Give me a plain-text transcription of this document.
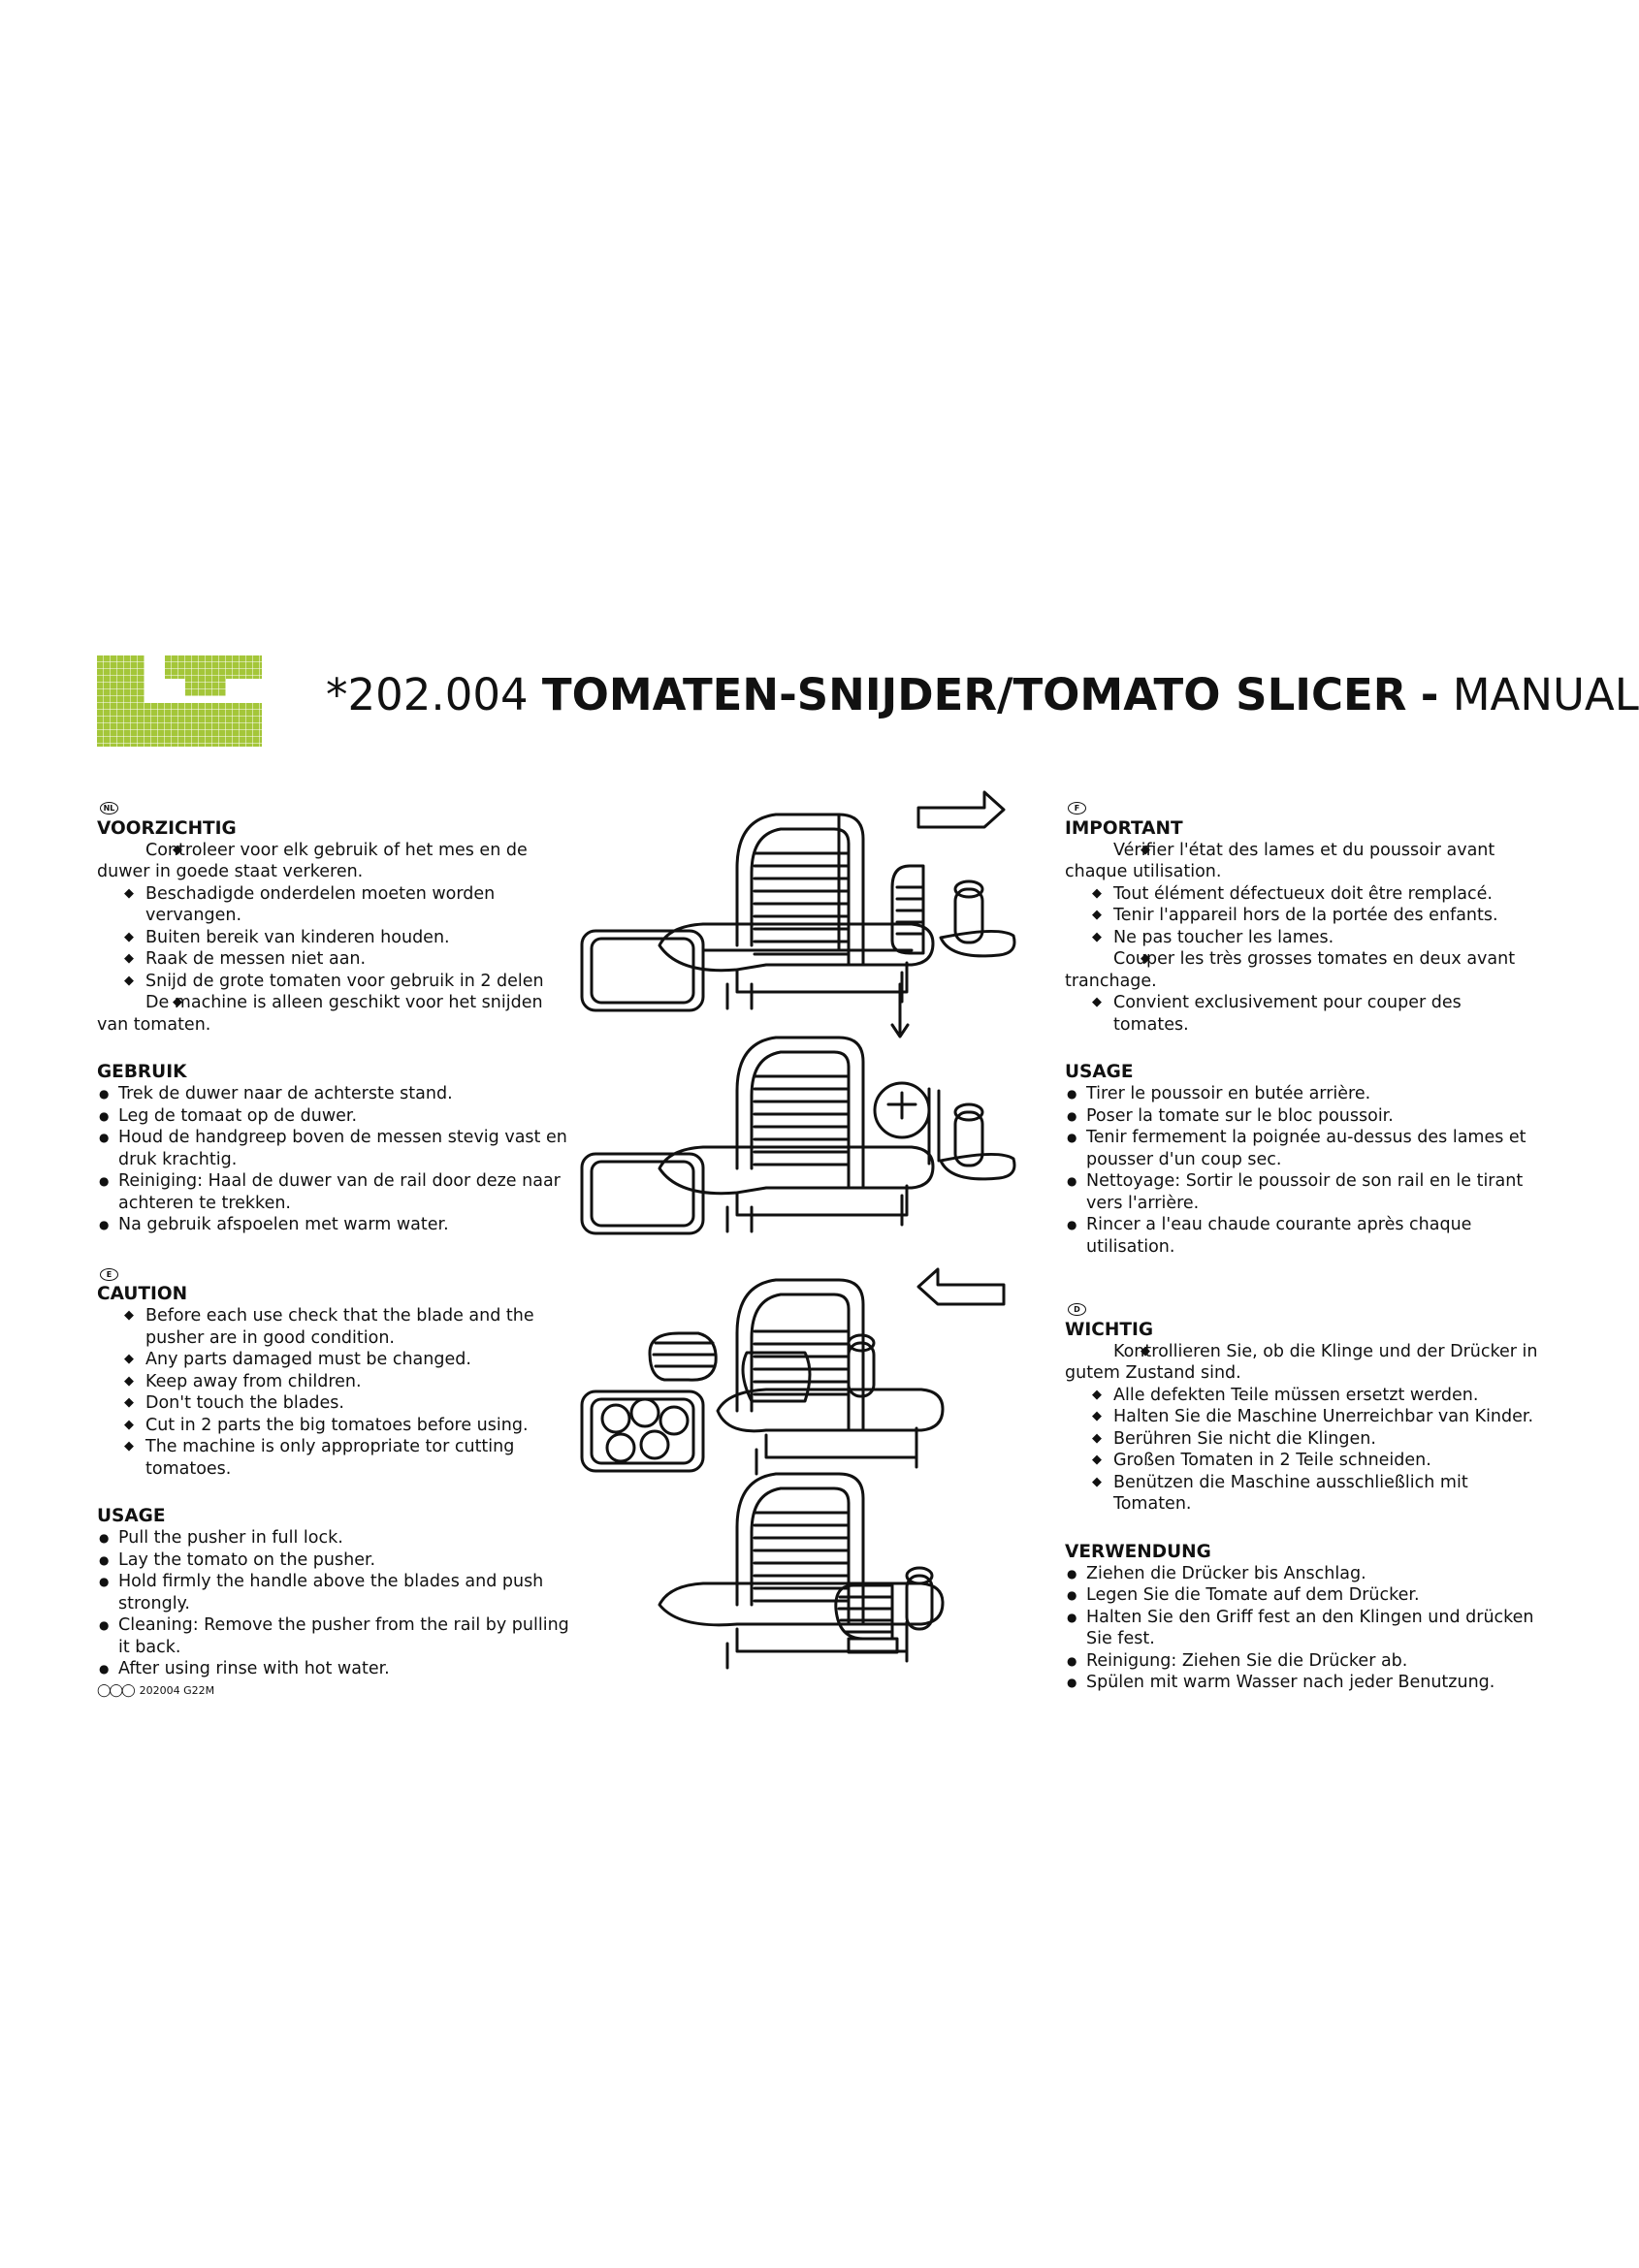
*202.004 TOMATEN-SNIJDER/TOMATO SLICER - MANUAL
NL

VOORZICHTIG

◆ Controleer voor elk gebruik of het mes en de duwer in goede staat verkeren.
◆ Beschadigde onderdelen moeten worden vervangen.
◆ Buiten bereik van kinderen houden.
◆ Raak de messen niet aan.
◆ Snijd de grote tomaten voor gebruik in 2 delen
◆ De machine is alleen geschikt voor het snijden van tomaten.

GEBRUIK

● Trek de duwer naar de achterste stand.
● Leg de tomaat op de duwer.
● Houd de handgreep boven de messen stevig vast en druk krachtig.
● Reiniging: Haal de duwer van de rail door deze naar achteren te trekken.
● Na gebruik afspoelen met warm water.
E

CAUTION

◆ Before each use check that the blade and the pusher are in good condition.
◆ Any parts damaged must be changed.
◆ Keep away from children.
◆ Don't touch the blades.
◆ Cut in 2 parts the big tomatoes before using.
◆ The machine is only appropriate tor cutting tomatoes.

USAGE

● Pull the pusher in full lock.
● Lay the tomato on the pusher.
● Hold firmly the handle above the blades and push strongly.
● Cleaning: Remove the pusher from the rail by pulling it back.
● After using rinse with hot water.
◯◯◯ 202004 G22M
F

IMPORTANT

◆ Vérifier l'état des lames et du poussoir avant chaque utilisation.
◆ Tout élément défectueux doit être remplacé.
◆ Tenir l'appareil hors de la portée des enfants.
◆ Ne pas toucher les lames.
◆ Couper les très grosses tomates en deux avant tranchage.
◆ Convient exclusivement pour couper des tomates.

USAGE

● Tirer le poussoir en butée arrière.
● Poser la tomate sur le bloc poussoir.
● Tenir fermement la poignée au-dessus des lames et pousser d'un coup sec.
● Nettoyage: Sortir le poussoir de son rail en le tirant vers l'arrière.
● Rincer a l'eau chaude courante après chaque utilisation.
D

WICHTIG

◆ Kontrollieren Sie, ob die Klinge und der Drücker in gutem Zustand sind.
◆ Alle defekten Teile müssen ersetzt werden.
◆ Halten Sie die Maschine Unerreichbar van Kinder.
◆ Berühren Sie nicht die Klingen.
◆ Großen Tomaten in 2 Teile schneiden.
◆ Benützen die Maschine ausschließlich mit Tomaten.

VERWENDUNG

● Ziehen die Drücker bis Anschlag.
● Legen Sie die Tomate auf dem Drücker.
● Halten Sie den Griff fest an den Klingen und drücken Sie fest.
● Reinigung: Ziehen Sie die Drücker ab.
● Spülen mit warm Wasser nach jeder Benutzung.
